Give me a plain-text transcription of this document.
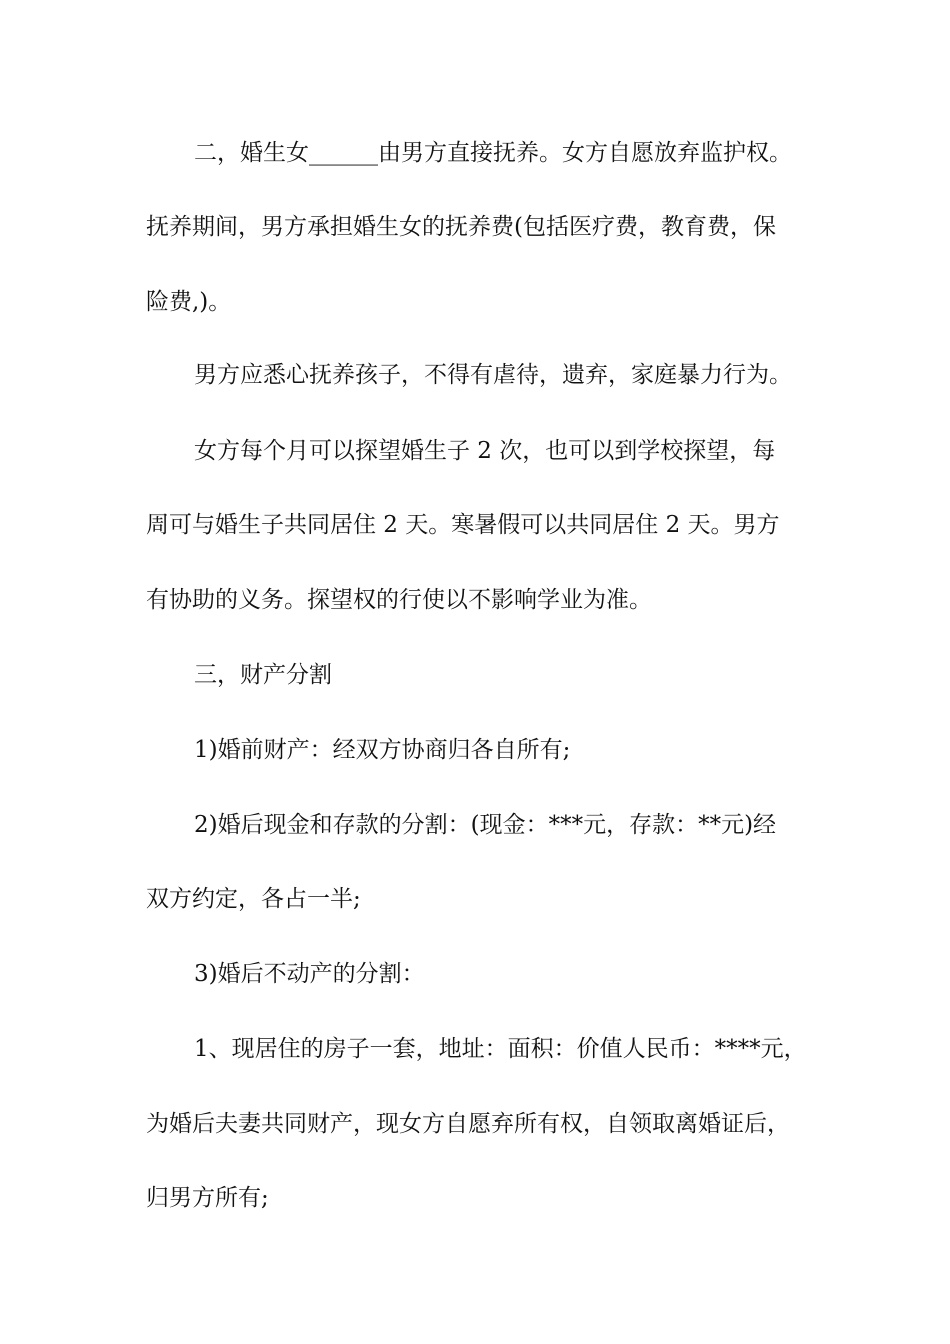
二，婚生女______由男方直接抚养。女方自愿放弃监护权。
抚养期间，男方承担婚生女的抚养费(包括医疗费，教育费，保
险费,)。
男方应悉心抚养孩子，不得有虐待，遗弃，家庭暴力行为。
女方每个月可以探望婚生子 2 次，也可以到学校探望，每
周可与婚生子共同居住 2 天。寒暑假可以共同居住 2 天。男方
有协助的义务。探望权的行使以不影响学业为准。
三，财产分割
1)婚前财产：经双方协商归各自所有;
2)婚后现金和存款的分割：(现金：***元，存款：**元)经
双方约定，各占一半;
3)婚后不动产的分割：
1、现居住的房子一套，地址：面积：价值人民币：****元，
为婚后夫妻共同财产，现女方自愿弃所有权，自领取离婚证后，
归男方所有;
